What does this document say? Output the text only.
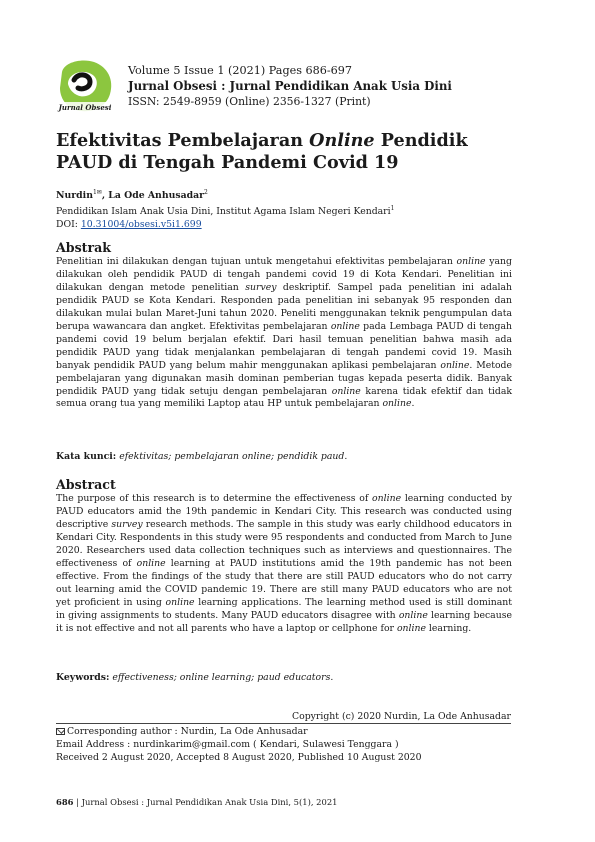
Jurnal Obsesi
Volume 5 Issue 1 (2021) Pages 686-697
Jurnal Obsesi : Jurnal Pendidikan Anak Usia Dini
ISSN: 2549-8959 (Online) 2356-1327 (Print)
Efektivitas Pembelajaran Online Pendidik PAUD di Tengah Pandemi Covid 19
Nurdin$^{1✉}$, La Ode Anhusadar$^2$
Pendidikan Islam Anak Usia Dini, Institut Agama Islam Negeri Kendari$^1$
DOI: 10.31004/obsesi.v5i1.699
Abstrak
Penelitian ini dilakukan dengan tujuan untuk mengetahui efektivitas pembelajaran online yang dilakukan oleh pendidik PAUD di tengah pandemi covid 19 di Kota Kendari. Penelitian ini dilakukan dengan metode penelitian survey deskriptif. Sampel pada penelitian ini adalah pendidik PAUD se Kota Kendari. Responden pada penelitian ini sebanyak 95 responden dan dilakukan mulai bulan Maret-Juni tahun 2020. Peneliti menggunakan teknik pengumpulan data berupa wawancara dan angket. Efektivitas pembelajaran online pada Lembaga PAUD di tengah pandemi covid 19 belum berjalan efektif. Dari hasil temuan penelitian bahwa masih ada pendidik PAUD yang tidak menjalankan pembelajaran di tengah pandemi covid 19. Masih banyak pendidik PAUD yang belum mahir menggunakan aplikasi pembelajaran online. Metode pembelajaran yang digunakan masih dominan pemberian tugas kepada peserta didik. Banyak pendidik PAUD yang tidak setuju dengan pembelajaran online karena tidak efektif dan tidak semua orang tua yang memiliki Laptop atau HP untuk pembelajaran online.
Kata kunci: efektivitas; pembelajaran online; pendidik paud.
Abstract
The purpose of this research is to determine the effectiveness of online learning conducted by PAUD educators amid the 19th pandemic in Kendari City. This research was conducted using descriptive survey research methods. The sample in this study was early childhood educators in Kendari City. Respondents in this study were 95 respondents and conducted from March to June 2020. Researchers used data collection techniques such as interviews and questionnaires. The effectiveness of online learning at PAUD institutions amid the 19th pandemic has not been effective. From the findings of the study that there are still PAUD educators who do not carry out learning amid the COVID pandemic 19. There are still many PAUD educators who are not yet proficient in using online learning applications. The learning method used is still dominant in giving assignments to students. Many PAUD educators disagree with online learning because it is not effective and not all parents who have a laptop or cellphone for online learning.
Keywords: effectiveness; online learning; paud educators.
Copyright (c) 2020 Nurdin, La Ode Anhusadar
Corresponding author : Nurdin, La Ode Anhusadar
Email Address : nurdinkarim@gmail.com ( Kendari, Sulawesi Tenggara )
Received 2 August 2020, Accepted 8 August 2020, Published 10 August 2020
686 | Jurnal Obsesi : Jurnal Pendidikan Anak Usia Dini, 5(1), 2021
